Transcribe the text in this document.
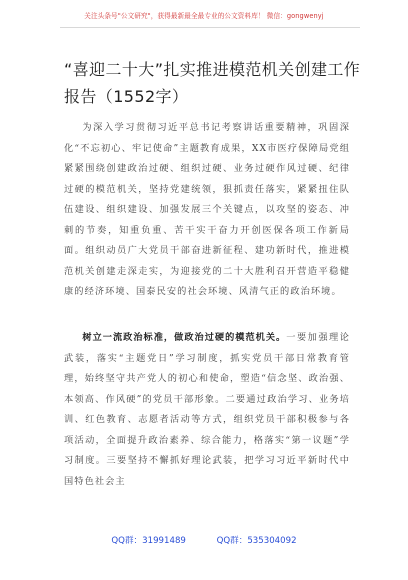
关注头条号"公文研究"，获得最新最全最专业的公文资料库！ 微信：gongwenyj
“喜迎二十大”扎实推进模范机关创建工作报告（1552字）

为深入学习贯彻习近平总书记考察讲话重要精神，巩固深化“不忘初心、牢记使命”主题教育成果，XX市医疗保障局党组紧紧围绕创建政治过硬、组织过硬、业务过硬作风过硬、纪律过硬的模范机关，坚持党建统领，狠抓责任落实，紧紧扭住队伍建设、组织建设、加强发展三个关键点，以攻坚的姿态、冲刺的节奏，知重负重、苦干实干奋力开创医保各项工作新局面。组织动员广大党员干部奋进新征程、建功新时代，推进模范机关创建走深走实，为迎接党的二十大胜利召开营造平稳健康的经济环境、国泰民安的社会环境、风清气正的政治环境。

树立一流政治标准，做政治过硬的模范机关。一要加强理论武装，落实“主题党日”学习制度，抓实党员干部日常教育管理，始终坚守共产党人的初心和使命，塑造“信念坚、政治强、本领高、作风硬”的党员干部形象。二要通过政治学习、业务培训、红色教育、志愿者活动等方式，组织党员干部积极参与各项活动，全面提升政治素养、综合能力，格落实“第一议题”学习制度。三要坚持不懈抓好理论武装，把学习习近平新时代中国特色社会主

QQ群：31991489	QQ群：535304092
